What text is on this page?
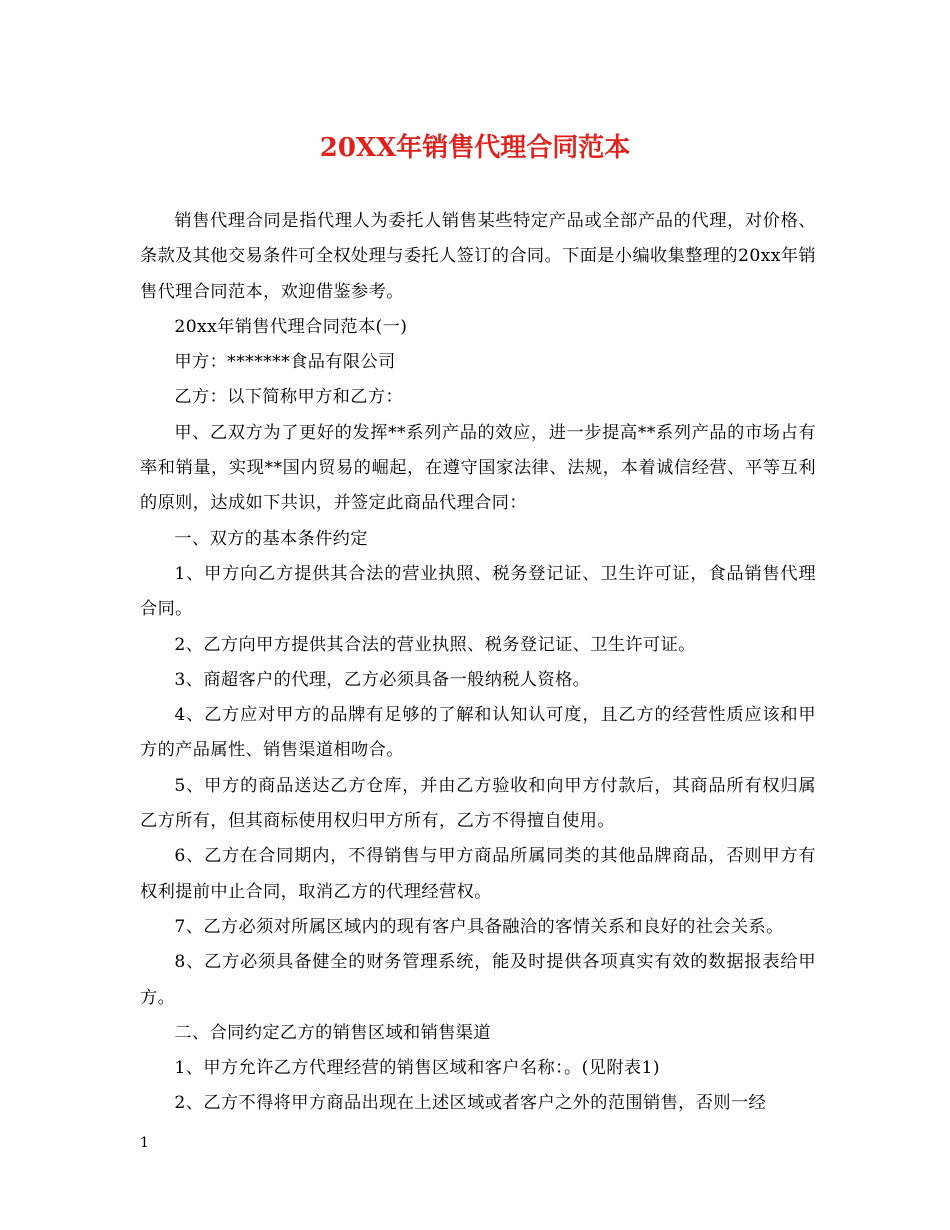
20XX年销售代理合同范本

销售代理合同是指代理人为委托人销售某些特定产品或全部产品的代理，对价格、条款及其他交易条件可全权处理与委托人签订的合同。下面是小编收集整理的20xx年销售代理合同范本，欢迎借鉴参考。

20xx年销售代理合同范本(一)

甲方：*******食品有限公司

乙方：以下简称甲方和乙方：

甲、乙双方为了更好的发挥**系列产品的效应，进一步提高**系列产品的市场占有率和销量，实现**国内贸易的崛起，在遵守国家法律、法规，本着诚信经营、平等互利的原则，达成如下共识，并签定此商品代理合同：

一、双方的基本条件约定

1、甲方向乙方提供其合法的营业执照、税务登记证、卫生许可证，食品销售代理合同。

2、乙方向甲方提供其合法的营业执照、税务登记证、卫生许可证。

3、商超客户的代理，乙方必须具备一般纳税人资格。

4、乙方应对甲方的品牌有足够的了解和认知认可度，且乙方的经营性质应该和甲方的产品属性、销售渠道相吻合。

5、甲方的商品送达乙方仓库，并由乙方验收和向甲方付款后，其商品所有权归属乙方所有，但其商标使用权归甲方所有，乙方不得擅自使用。

6、乙方在合同期内，不得销售与甲方商品所属同类的其他品牌商品，否则甲方有权利提前中止合同，取消乙方的代理经营权。

7、乙方必须对所属区域内的现有客户具备融洽的客情关系和良好的社会关系。

8、乙方必须具备健全的财务管理系统，能及时提供各项真实有效的数据报表给甲方。

二、合同约定乙方的销售区域和销售渠道

1、甲方允许乙方代理经营的销售区域和客户名称：。(见附表1)

2、乙方不得将甲方商品出现在上述区域或者客户之外的范围销售，否则一经

1
